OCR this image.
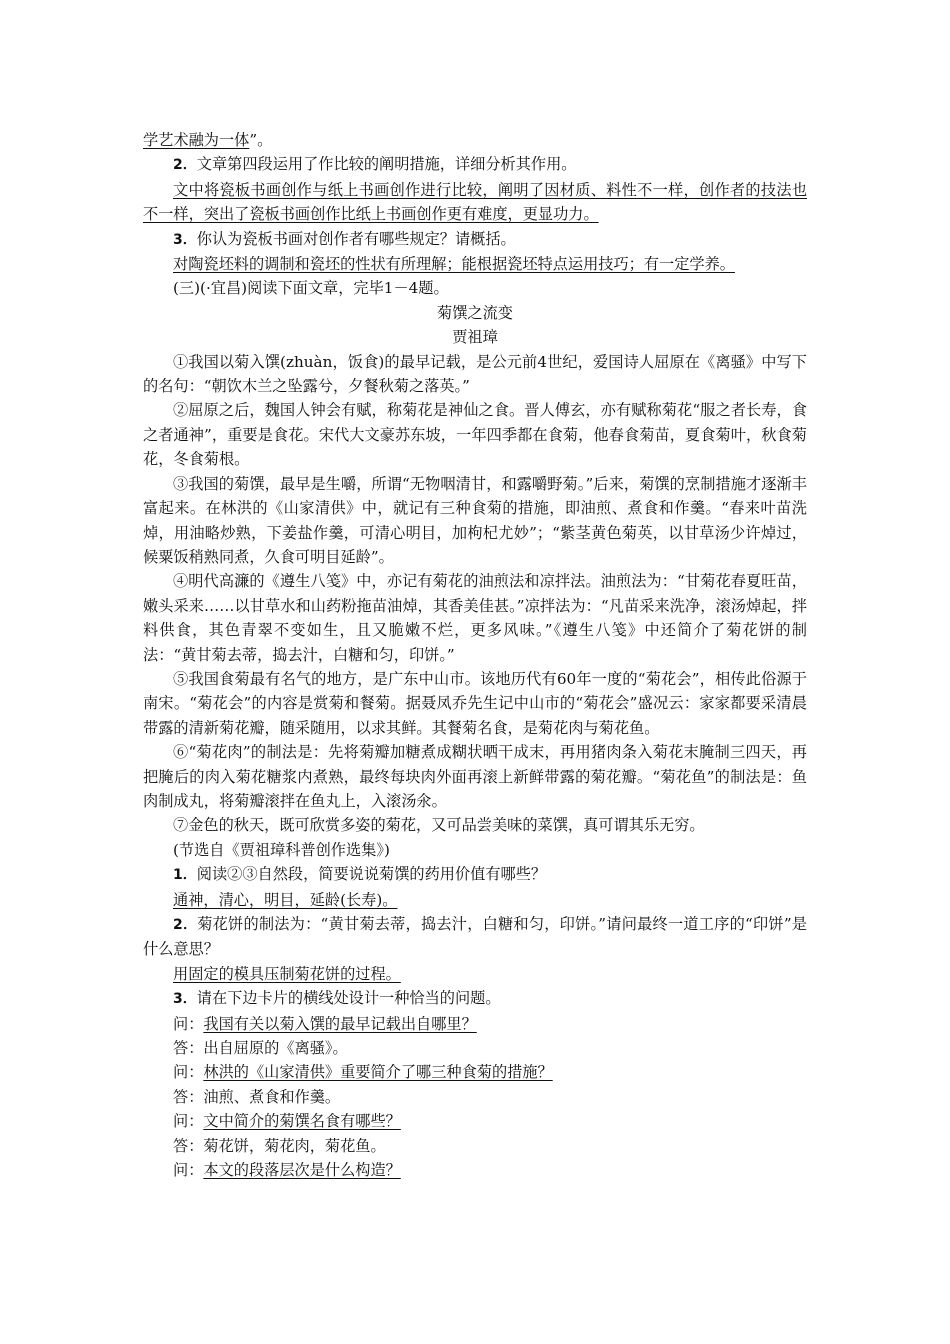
学艺术融为一体”。

2．文章第四段运用了作比较的阐明措施，详细分析其作用。

文中将瓷板书画创作与纸上书画创作进行比较，阐明了因材质、料性不一样，创作者的技法也不一样，突出了瓷板书画创作比纸上书画创作更有难度，更显功力。

3．你认为瓷板书画对创作者有哪些规定？请概括。

对陶瓷坯料的调制和瓷坯的性状有所理解；能根据瓷坯特点运用技巧；有一定学养。

(三)(·宜昌)阅读下面文章，完毕1－4题。

菊馔之流变

贾祖璋

①我国以菊入馔(zhuàn，饭食)的最早记载，是公元前4世纪，爱国诗人屈原在《离骚》中写下的名句：“朝饮木兰之坠露兮，夕餐秋菊之落英。”

②屈原之后，魏国人钟会有赋，称菊花是神仙之食。晋人傅玄，亦有赋称菊花“服之者长寿，食之者通神”，重要是食花。宋代大文豪苏东坡，一年四季都在食菊，他春食菊苗，夏食菊叶，秋食菊花，冬食菊根。

③我国的菊馔，最早是生嚼，所谓“无物咽清甘，和露嚼野菊。”后来，菊馔的烹制措施才逐渐丰富起来。在林洪的《山家清供》中，就记有三种食菊的措施，即油煎、煮食和作羹。“春来叶苗洗焯，用油略炒熟，下姜盐作羹，可清心明目，加枸杞尤妙”；“紫茎黄色菊英，以甘草汤少许焯过，候粟饭稍熟同煮，久食可明目延龄”。

④明代高濂的《遵生八笺》中，亦记有菊花的油煎法和凉拌法。油煎法为：“甘菊花春夏旺苗，嫩头采来……以甘草水和山药粉拖苗油焯，其香美佳甚。”凉拌法为：“凡苗采来洗净，滚汤焯起，拌料供食，其色青翠不变如生，且又脆嫩不烂，更多风味。”《遵生八笺》中还简介了菊花饼的制法：“黄甘菊去蒂，捣去汁，白糖和匀，印饼。”

⑤我国食菊最有名气的地方，是广东中山市。该地历代有60年一度的“菊花会”，相传此俗源于南宋。“菊花会”的内容是赏菊和餐菊。据聂凤乔先生记中山市的“菊花会”盛况云：家家都要采清晨带露的清新菊花瓣，随采随用，以求其鲜。其餐菊名食，是菊花肉与菊花鱼。

⑥“菊花肉”的制法是：先将菊瓣加糖煮成糊状晒干成末，再用猪肉条入菊花末腌制三四天，再把腌后的肉入菊花糖浆内煮熟，最终每块肉外面再滚上新鲜带露的菊花瓣。“菊花鱼”的制法是：鱼肉制成丸，将菊瓣滚拌在鱼丸上，入滚汤氽。

⑦金色的秋天，既可欣赏多姿的菊花，又可品尝美味的菜馔，真可谓其乐无穷。

(节选自《贾祖璋科普创作选集》)

1．阅读②③自然段，简要说说菊馔的药用价值有哪些？

通神，清心，明目，延龄(长寿)。

2．菊花饼的制法为：“黄甘菊去蒂，捣去汁，白糖和匀，印饼。”请问最终一道工序的“印饼”是什么意思？

用固定的模具压制菊花饼的过程。

3．请在下边卡片的横线处设计一种恰当的问题。

问：我国有关以菊入馔的最早记载出自哪里？

答：出自屈原的《离骚》。

问：林洪的《山家清供》重要简介了哪三种食菊的措施？

答：油煎、煮食和作羹。

问：文中简介的菊馔名食有哪些？

答：菊花饼，菊花肉，菊花鱼。

问：本文的段落层次是什么构造？
